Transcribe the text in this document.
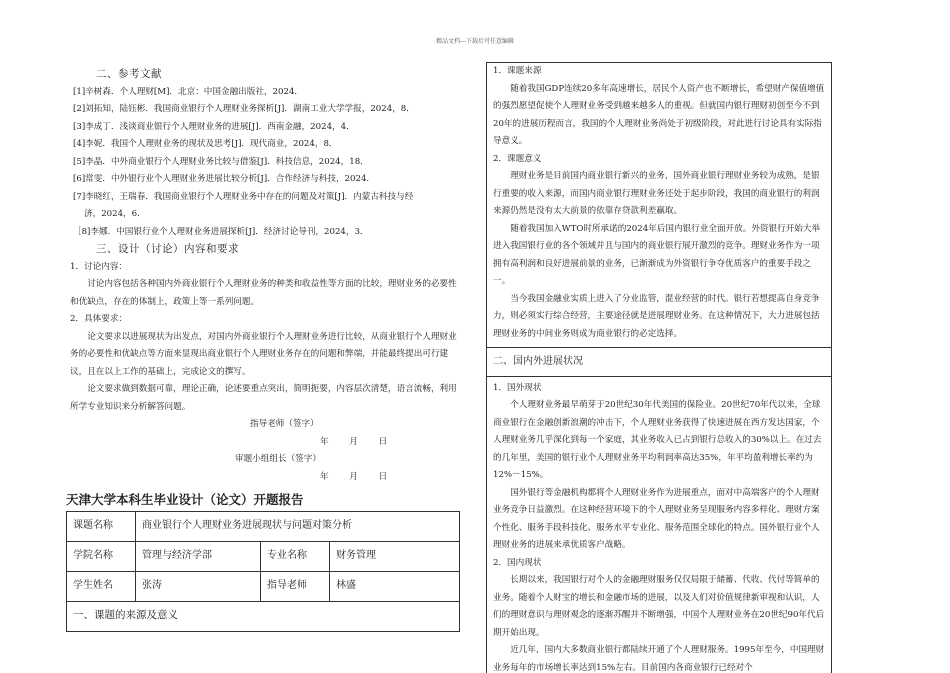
精品文档---下载后可任意编辑

二、参考文献

[1]辛树森．个人理财[M]．北京：中国金融出版社，2024．

[2]刘拓知，陆钰彬．我国商业银行个人理财业务探析[J]．湖南工业大学学报，2024，8．

[3]李成丁．浅谈商业银行个人理财业务的进展[J]．西南金融，2024，4．

[4]李妮．我国个人理财业务的现状及思考[J]．现代商业，2024，8．

[5]李晶．中外商业银行个人理财业务比较与借鉴[J]．科技信息，2024，18．

[6]常雯．中外银行业个人理财业务进展比较分析[J]．合作经济与科技，2024．

[7]李晓红，王瑞春．我国商业银行个人理财业务中存在的问题及对策[J]．内蒙古科技与经

济，2024，6．

［8]李娜．中国银行业个人理财业务进展探析[J]．经济讨论导刊，2024，3．

三、设计（讨论）内容和要求

1．讨论内容：

讨论内容包括各种国内外商业银行个人理财业务的种类和收益性等方面的比较，理财业务的必要性和优缺点，存在的体制上，政策上等一系列问题。

2．具体要求：

论文要求以进展现状为出发点，对国内外商业银行个人理财业务进行比较，从商业银行个人理财业务的必要性和优缺点等方面来显现出商业银行个人理财业务存在的问题和弊端，并能最终提出可行建议，且在以上工作的基础上，完成论文的撰写。

论文要求做到数据可靠，理论正确，论述要重点突出，简明扼要，内容层次清楚，语言流畅，利用所学专业知识来分析解答问题。

指导老师（签字）

年 月 日

审题小组组长（签字）

年 月 日

天津大学本科生毕业设计（论文）开题报告
课题名称	商业银行个人理财业务进展现状与问题对策分析		
学院名称	管理与经济学部	专业名称	财务管理
学生姓名	张涛	指导老师	林盛
一、课题的来源及意义			

1．课题来源

随着我国GDP连续20多年高速增长，居民个人资产也不断增长，希望财产保值增值的强烈愿望促使个人理财业务受到越来越多人的重视。但就国内银行理财初创至今不到20年的进展历程而言，我国的个人理财业务尚处于初级阶段，对此进行讨论具有实际指导意义。

2．课题意义

理财业务是目前国内商业银行新兴的业务，国外商业银行理财业务较为成熟，是银行重要的收入来源，而国内商业银行理财业务还处于起步阶段，我国的商业银行的利润来源仍然是没有太大前景的依靠存贷款利差赢取。

随着我国加入WTO时所承诺的2024年后国内银行业全面开放。外资银行开始大举进入我国银行业的各个领域并且与国内的商业银行展开激烈的竞争。理财业务作为一项拥有高利润和良好进展前景的业务，已渐渐成为外资银行争夺优质客户的重要手段之一。

当今我国金融业实质上进入了分业监管，混业经营的时代。银行若想提高自身竞争力，则必须实行综合经营，主要途径就是进展理财业务。在这种情况下，大力进展包括理财业务的中间业务则成为商业银行的必定选择。

二、国内外进展状况

1．国外现状

个人理财业务最早萌芽于20世纪30年代美国的保险业。20世纪70年代以来，全球商业银行在金融创新浪潮的冲击下，个人理财业务获得了快速进展在西方发达国家，个人理财业务几乎深化到每一个家庭，其业务收入已占到银行总收入的30%以上。在过去的几年里，美国的银行业个人理财业务平均利润率高达35%，年平均盈利增长率约为12%－15%。

国外银行等金融机构都将个人理财业务作为进展重点，面对中高端客户的个人理财业务竞争日益激烈。在这种经营环境下的个人理财业务呈现服务内容多样化、理财方案个性化、服务手段科技化、服务水平专业化、服务范围全球化的特点。国外银行业个人理财业务的进展来承优质客户战略。

2．国内现状

长期以来，我国银行对个人的金融理财服务仅仅局限于储蓄、代收、代付等简单的业务。随着个人财宝的增长和金融市场的进展，以及人们对价值规律新审视和认识，人们的理财意识与理财观念的逐渐苏醒并不断增强，中国个人理财业务在20世纪90年代后期开始出现。

近几年，国内大多数商业银行都陆续开通了个人理财服务。1995年至今，中国理财业务每年的市场增长率达到15%左右。目前国内各商业银行已经对个
